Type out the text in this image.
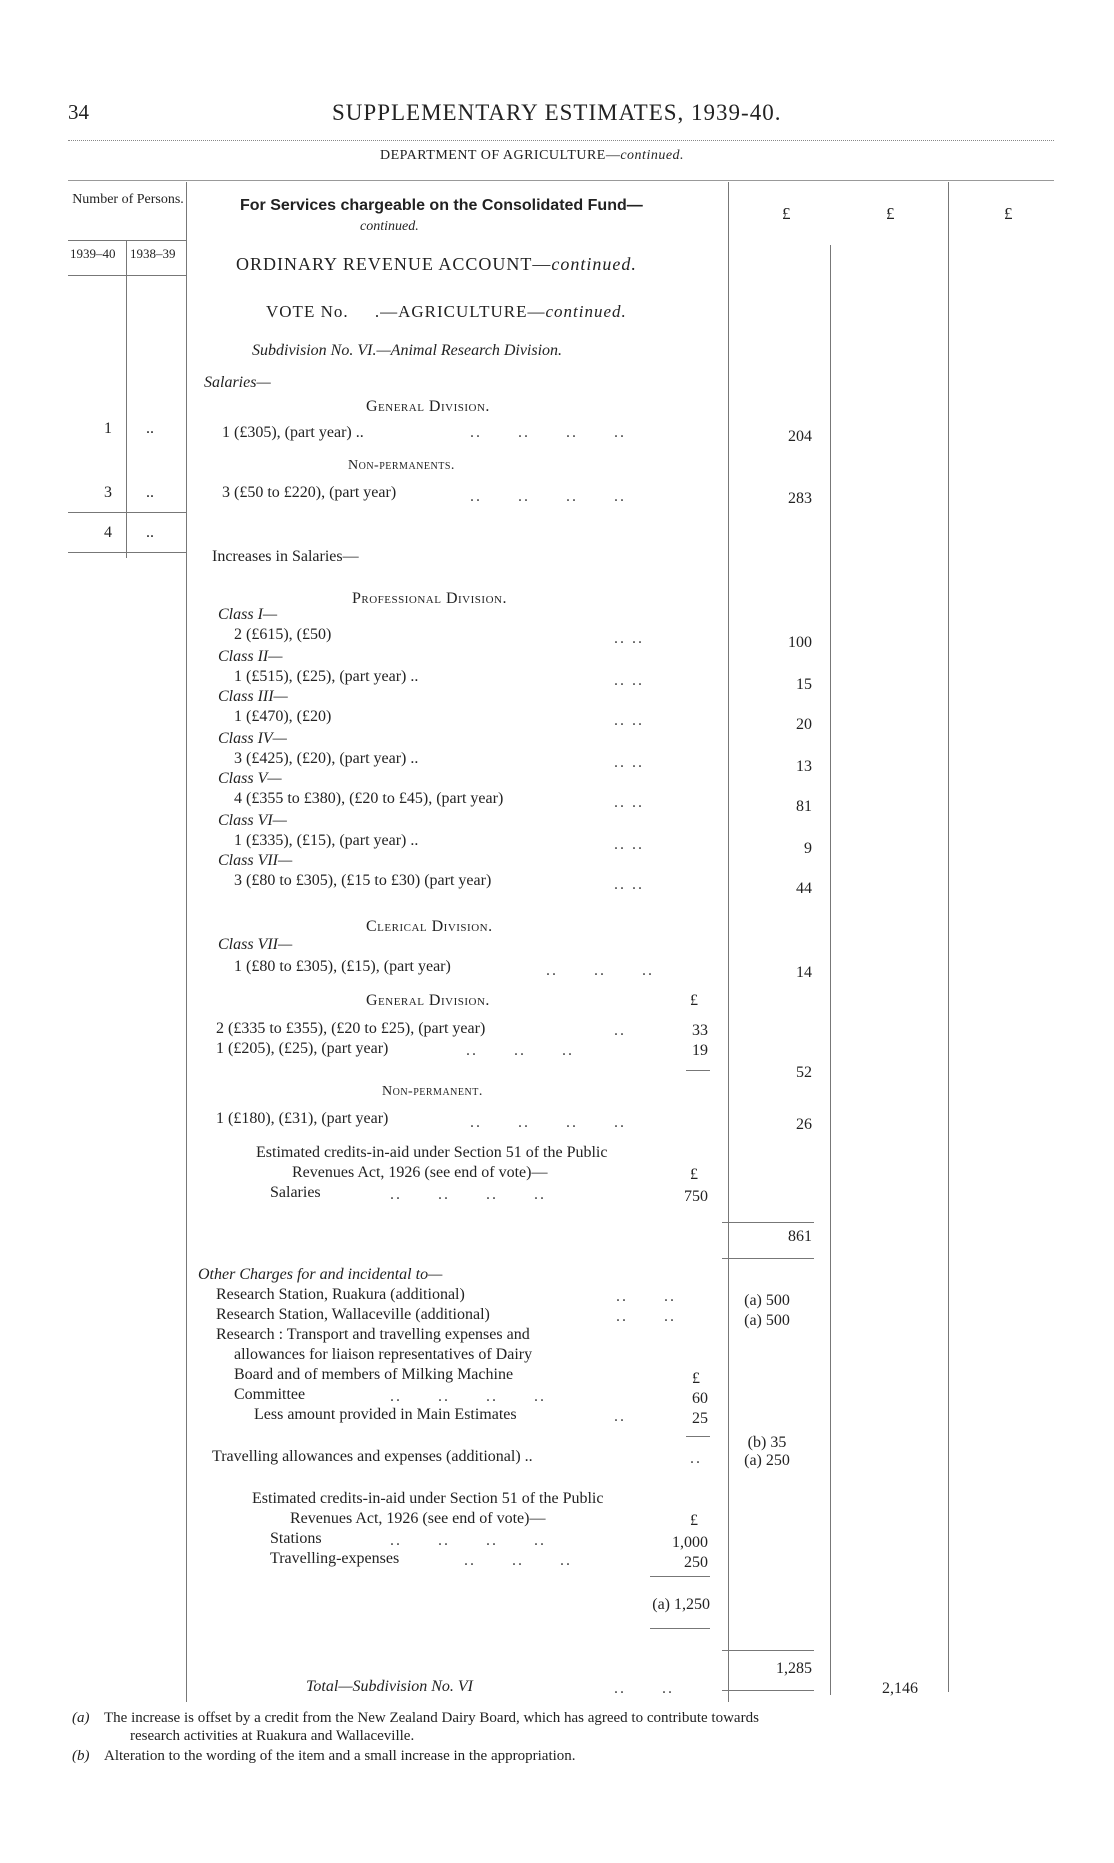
34	SUPPLEMENTARY ESTIMATES, 1939-40.
DEPARTMENT OF AGRICULTURE—continued.
Number of Persons.
1939–40 1938–39
For Services chargeable on the Consolidated Fund—
continued.
£	£	£
ORDINARY REVENUE ACCOUNT—continued.
VOTE No. .—AGRICULTURE—continued.
Subdivision No. VI.—Animal Research Division.
Salaries—
General Division.
1 ..	1 (£305), (part year) ..	..      ..      ..      ..	204
Non-permanents.
3 ..	3 (£50 to £220), (part year)	..      ..      ..      ..	283
4 ..
Increases in Salaries—
Professional Division.
Class I—
2 (£615), (£50)	.. ..	100
Class II—
1 (£515), (£25), (part year) ..	.. ..	15
Class III—
1 (£470), (£20)	.. ..	20
Class IV—
3 (£425), (£20), (part year) ..	.. ..	13
Class V—
4 (£355 to £380), (£20 to £45), (part year)	.. ..	81
Class VI—
1 (£335), (£15), (part year) ..	.. ..	9
Class VII—
3 (£80 to £305), (£15 to £30) (part year)	.. ..	44
Clerical Division.
Class VII—
1 (£80 to £305), (£15), (part year)	..      ..      ..	14
General Division.	£
2 (£335 to £355), (£20 to £25), (part year)	..	33
1 (£205), (£25), (part year)	..      ..      ..	19
52
Non-permanent.
1 (£180), (£31), (part year)	..      ..      ..      ..	26
Estimated credits-in-aid under Section 51 of the Public
Revenues Act, 1926 (see end of vote)—	£
Salaries	..      ..      ..      ..	750
861
Other Charges for and incidental to—
Research Station, Ruakura (additional)	..      ..	(a) 500
Research Station, Wallaceville (additional)	..      ..	(a) 500
Research : Transport and travelling expenses and
allowances for liaison representatives of Dairy
Board and of members of Milking Machine	£
Committee	..      ..      ..      ..	60
Less amount provided in Main Estimates	..	25
(b) 35
Travelling allowances and expenses (additional) ..	..	(a) 250
Estimated credits-in-aid under Section 51 of the Public
Revenues Act, 1926 (see end of vote)—	£
Stations	..      ..      ..      ..	1,000
Travelling-expenses	..      ..      ..	250
(a) 1,250
1,285
Total—Subdivision No. VI	..      ..	2,146
(a) The increase is offset by a credit from the New Zealand Dairy Board, which has agreed to contribute towards
research activities at Ruakura and Wallaceville.
(b) Alteration to the wording of the item and a small increase in the appropriation.
